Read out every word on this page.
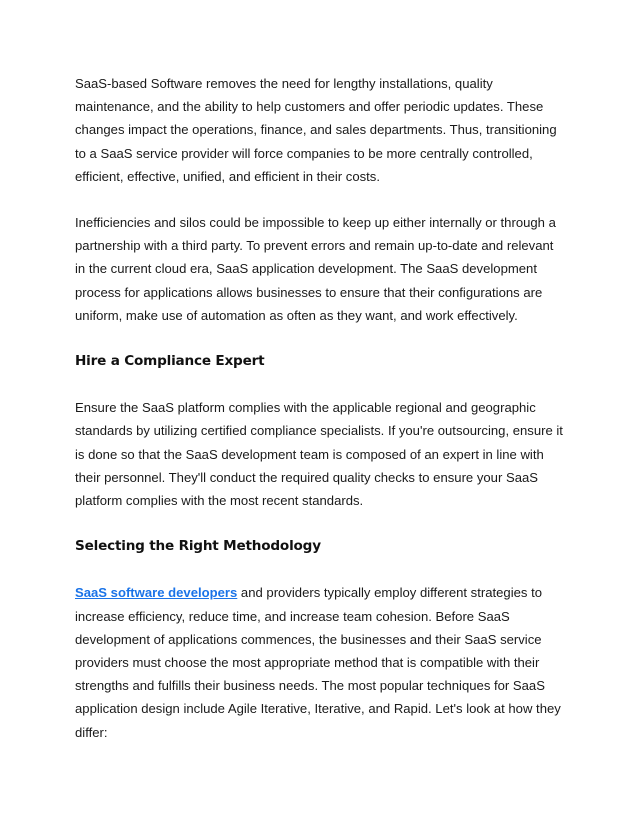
SaaS-based Software removes the need for lengthy installations, quality maintenance, and the ability to help customers and offer periodic updates. These changes impact the operations, finance, and sales departments. Thus, transitioning to a SaaS service provider will force companies to be more centrally controlled, efficient, effective, unified, and efficient in their costs.

Inefficiencies and silos could be impossible to keep up either internally or through a partnership with a third party. To prevent errors and remain up-to-date and relevant in the current cloud era, SaaS application development. The SaaS development process for applications allows businesses to ensure that their configurations are uniform, make use of automation as often as they want, and work effectively.

Hire a Compliance Expert

Ensure the SaaS platform complies with the applicable regional and geographic standards by utilizing certified compliance specialists. If you're outsourcing, ensure it is done so that the SaaS development team is composed of an expert in line with their personnel. They'll conduct the required quality checks to ensure your SaaS platform complies with the most recent standards.

Selecting the Right Methodology

SaaS software developers and providers typically employ different strategies to increase efficiency, reduce time, and increase team cohesion. Before SaaS development of applications commences, the businesses and their SaaS service providers must choose the most appropriate method that is compatible with their strengths and fulfills their business needs. The most popular techniques for SaaS application design include Agile Iterative, Iterative, and Rapid. Let's look at how they differ:
